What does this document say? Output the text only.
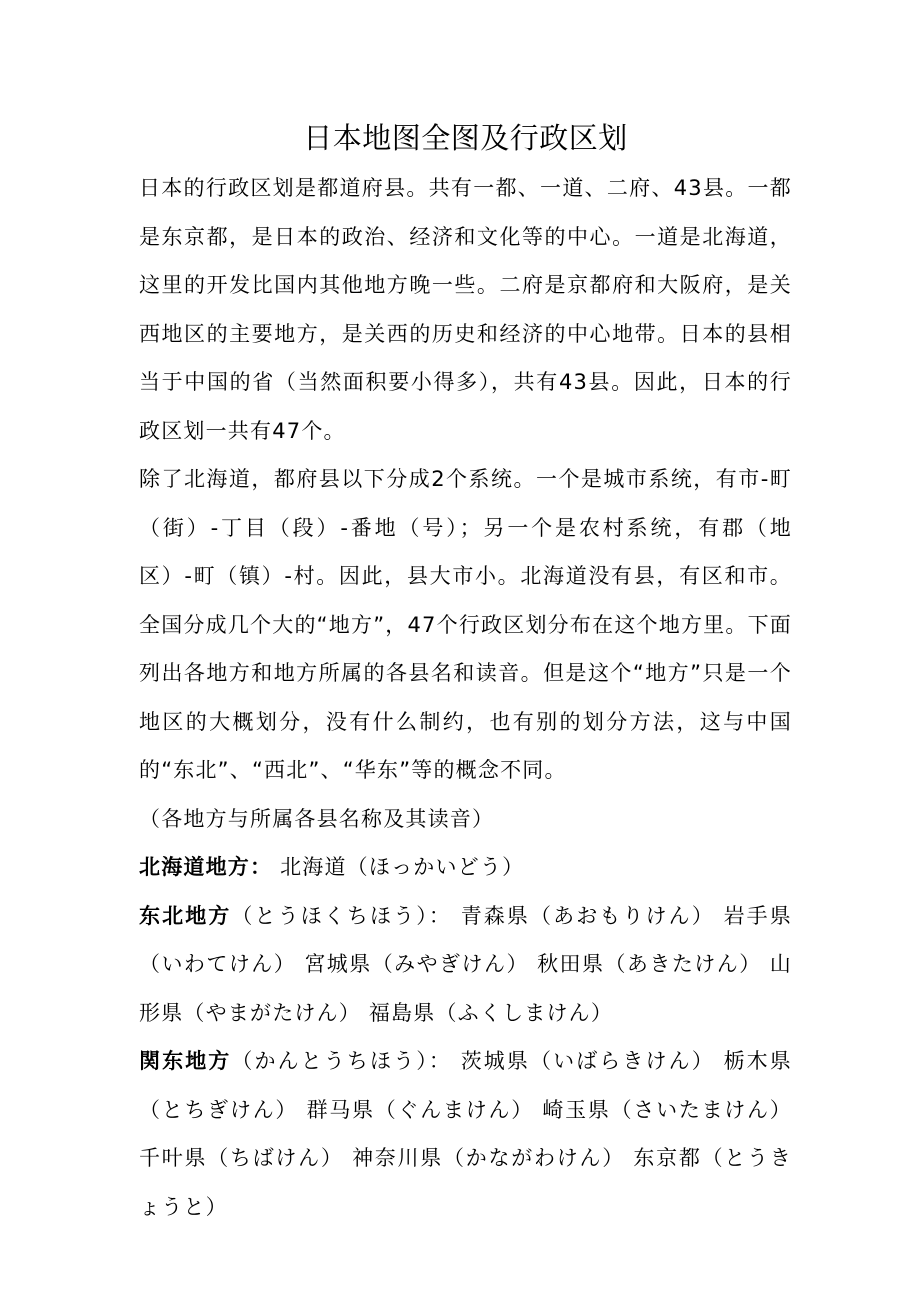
日本地图全图及行政区划

日本的行政区划是都道府县。共有一都、一道、二府、43县。一都是东京都，是日本的政治、经济和文化等的中心。一道是北海道，这里的开发比国内其他地方晚一些。二府是京都府和大阪府，是关西地区的主要地方，是关西的历史和经济的中心地带。日本的县相当于中国的省（当然面积要小得多），共有43县。因此，日本的行政区划一共有47个。

除了北海道，都府县以下分成2个系统。一个是城市系统，有市-町（街）-丁目（段）-番地（号）；另一个是农村系统，有郡（地区）-町（镇）-村。因此，县大市小。北海道没有县，有区和市。 全国分成几个大的“地方”，47个行政区划分布在这个地方里。下面列出各地方和地方所属的各县名和读音。但是这个“地方”只是一个地区的大概划分，没有什么制约，也有别的划分方法，这与中国的“东北”、“西北”、“华东”等的概念不同。

（各地方与所属各县名称及其读音）

北海道地方： 北海道（ほっかいどう）

东北地方（とうほくちほう）： 青森県（あおもりけん） 岩手県（いわてけん） 宮城県（みやぎけん） 秋田県（あきたけん） 山形県（やまがたけん） 福島県（ふくしまけん）

関东地方（かんとうちほう）： 茨城県（いばらきけん） 栃木県（とちぎけん） 群马県（ぐんまけん） 崎玉県（さいたまけん） 千叶県（ちばけん） 神奈川県（かながわけん） 东京都（とうきょうと）
